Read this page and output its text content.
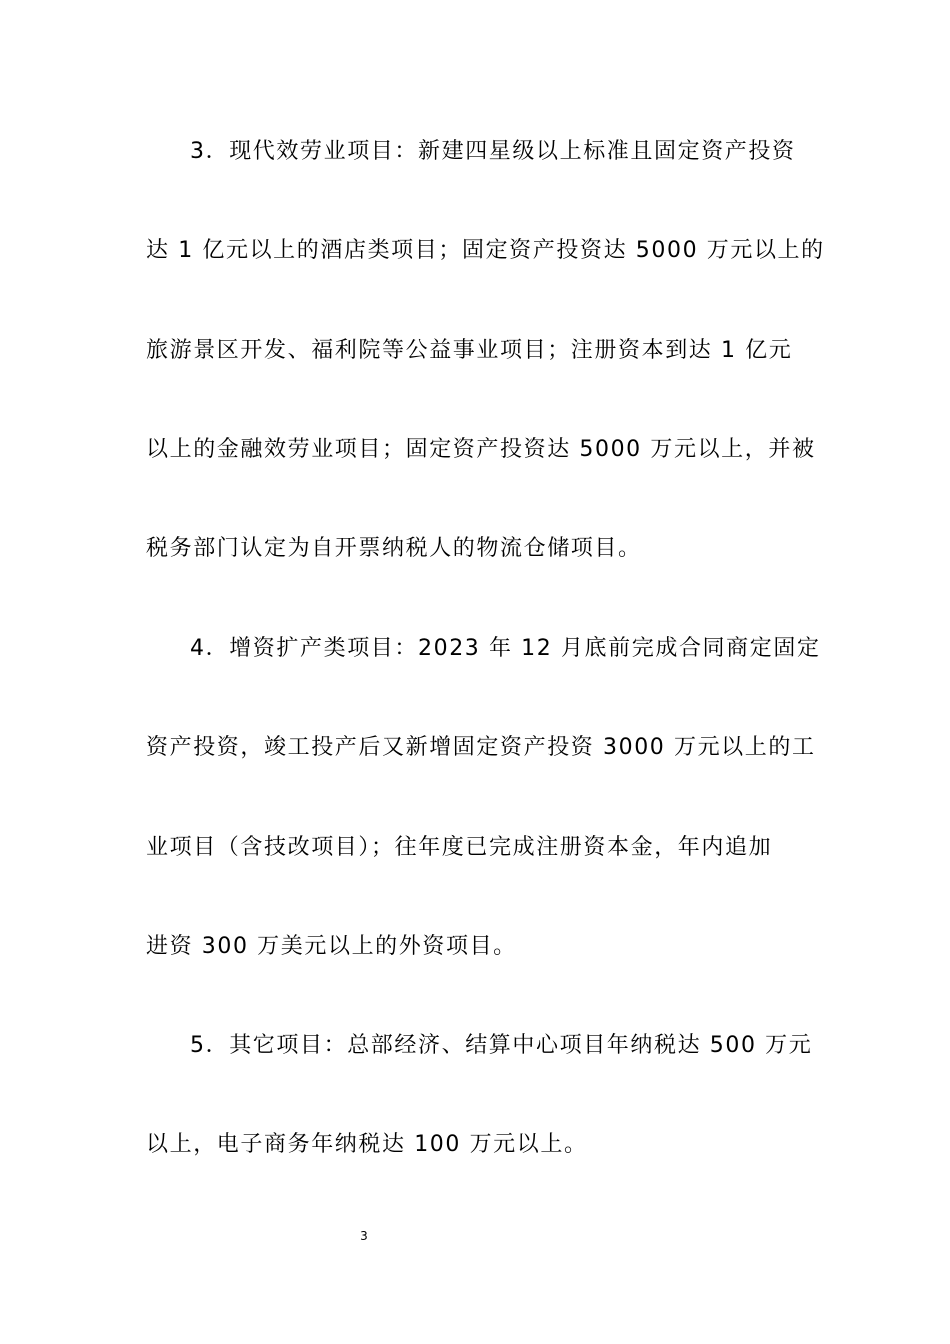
3．现代效劳业项目：新建四星级以上标准且固定资产投资
达 1 亿元以上的酒店类项目；固定资产投资达 5000 万元以上的
旅游景区开发、福利院等公益事业项目；注册资本到达 1 亿元
以上的金融效劳业项目；固定资产投资达 5000 万元以上，并被
税务部门认定为自开票纳税人的物流仓储项目。
4．增资扩产类项目：2023 年 12 月底前完成合同商定固定
资产投资，竣工投产后又新增固定资产投资 3000 万元以上的工
业项目（含技改项目）；往年度已完成注册资本金，年内追加
进资 300 万美元以上的外资项目。
5．其它项目：总部经济、结算中心项目年纳税达 500 万元
以上，电子商务年纳税达 100 万元以上。
3
